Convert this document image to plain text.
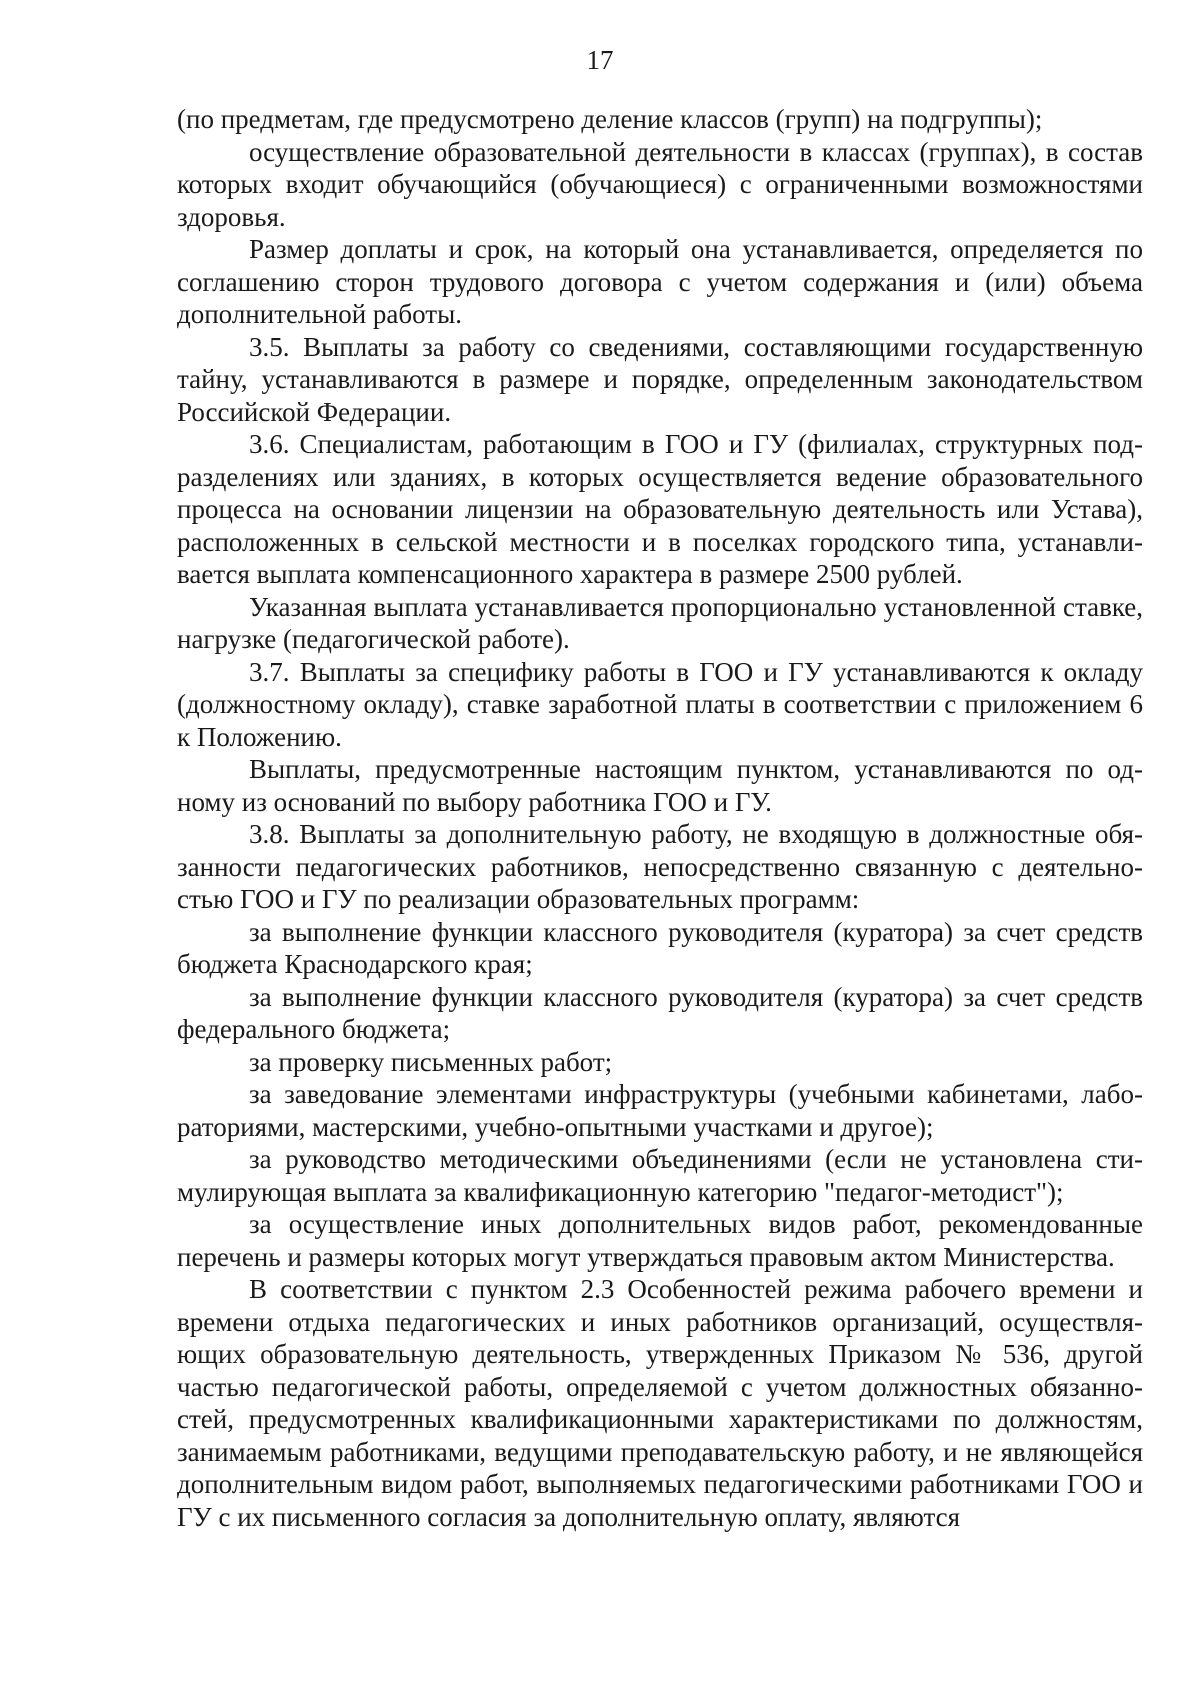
17

(по предметам, где предусмотрено деление классов (групп) на подгруппы);

осуществление образовательной деятельности в классах (группах), в состав которых входит обучающийся (обучающиеся) с ограниченными возможностями здоровья.

Размер доплаты и срок, на который она устанавливается, определяется по соглашению сторон трудового договора с учетом содержания и (или) объема дополнительной работы.

3.5. Выплаты за работу со сведениями, составляющими государственную тайну, устанавливаются в размере и порядке, определенным законодательством Российской Федерации.

3.6. Специалистам, работающим в ГОО и ГУ (филиалах, структурных подразделениях или зданиях, в которых осуществляется ведение образовательного процесса на основании лицензии на образовательную деятельность или Устава), расположенных в сельской местности и в поселках городского типа, устанавливается выплата компенсационного характера в размере 2500 рублей.

Указанная выплата устанавливается пропорционально установленной ставке, нагрузке (педагогической работе).

3.7. Выплаты за специфику работы в ГОО и ГУ устанавливаются к окладу (должностному окладу), ставке заработной платы в соответствии с приложением 6 к Положению.

Выплаты, предусмотренные настоящим пунктом, устанавливаются по одному из оснований по выбору работника ГОО и ГУ.

3.8. Выплаты за дополнительную работу, не входящую в должностные обязанности педагогических работников, непосредственно связанную с деятельностью ГОО и ГУ по реализации образовательных программ:

за выполнение функции классного руководителя (куратора) за счет средств бюджета Краснодарского края;

за выполнение функции классного руководителя (куратора) за счет средств федерального бюджета;

за проверку письменных работ;

за заведование элементами инфраструктуры (учебными кабинетами, лабораториями, мастерскими, учебно-опытными участками и другое);

за руководство методическими объединениями (если не установлена стимулирующая выплата за квалификационную категорию "педагог-методист");

за осуществление иных дополнительных видов работ, рекомендованные перечень и размеры которых могут утверждаться правовым актом Министерства.

В соответствии с пунктом 2.3 Особенностей режима рабочего времени и времени отдыха педагогических и иных работников организаций, осуществляющих образовательную деятельность, утвержденных Приказом № 536, другой частью педагогической работы, определяемой с учетом должностных обязанностей, предусмотренных квалификационными характеристиками по должностям, занимаемым работниками, ведущими преподавательскую работу, и не являющейся дополнительным видом работ, выполняемых педагогическими работниками ГОО и ГУ с их письменного согласия за дополнительную оплату, являются
